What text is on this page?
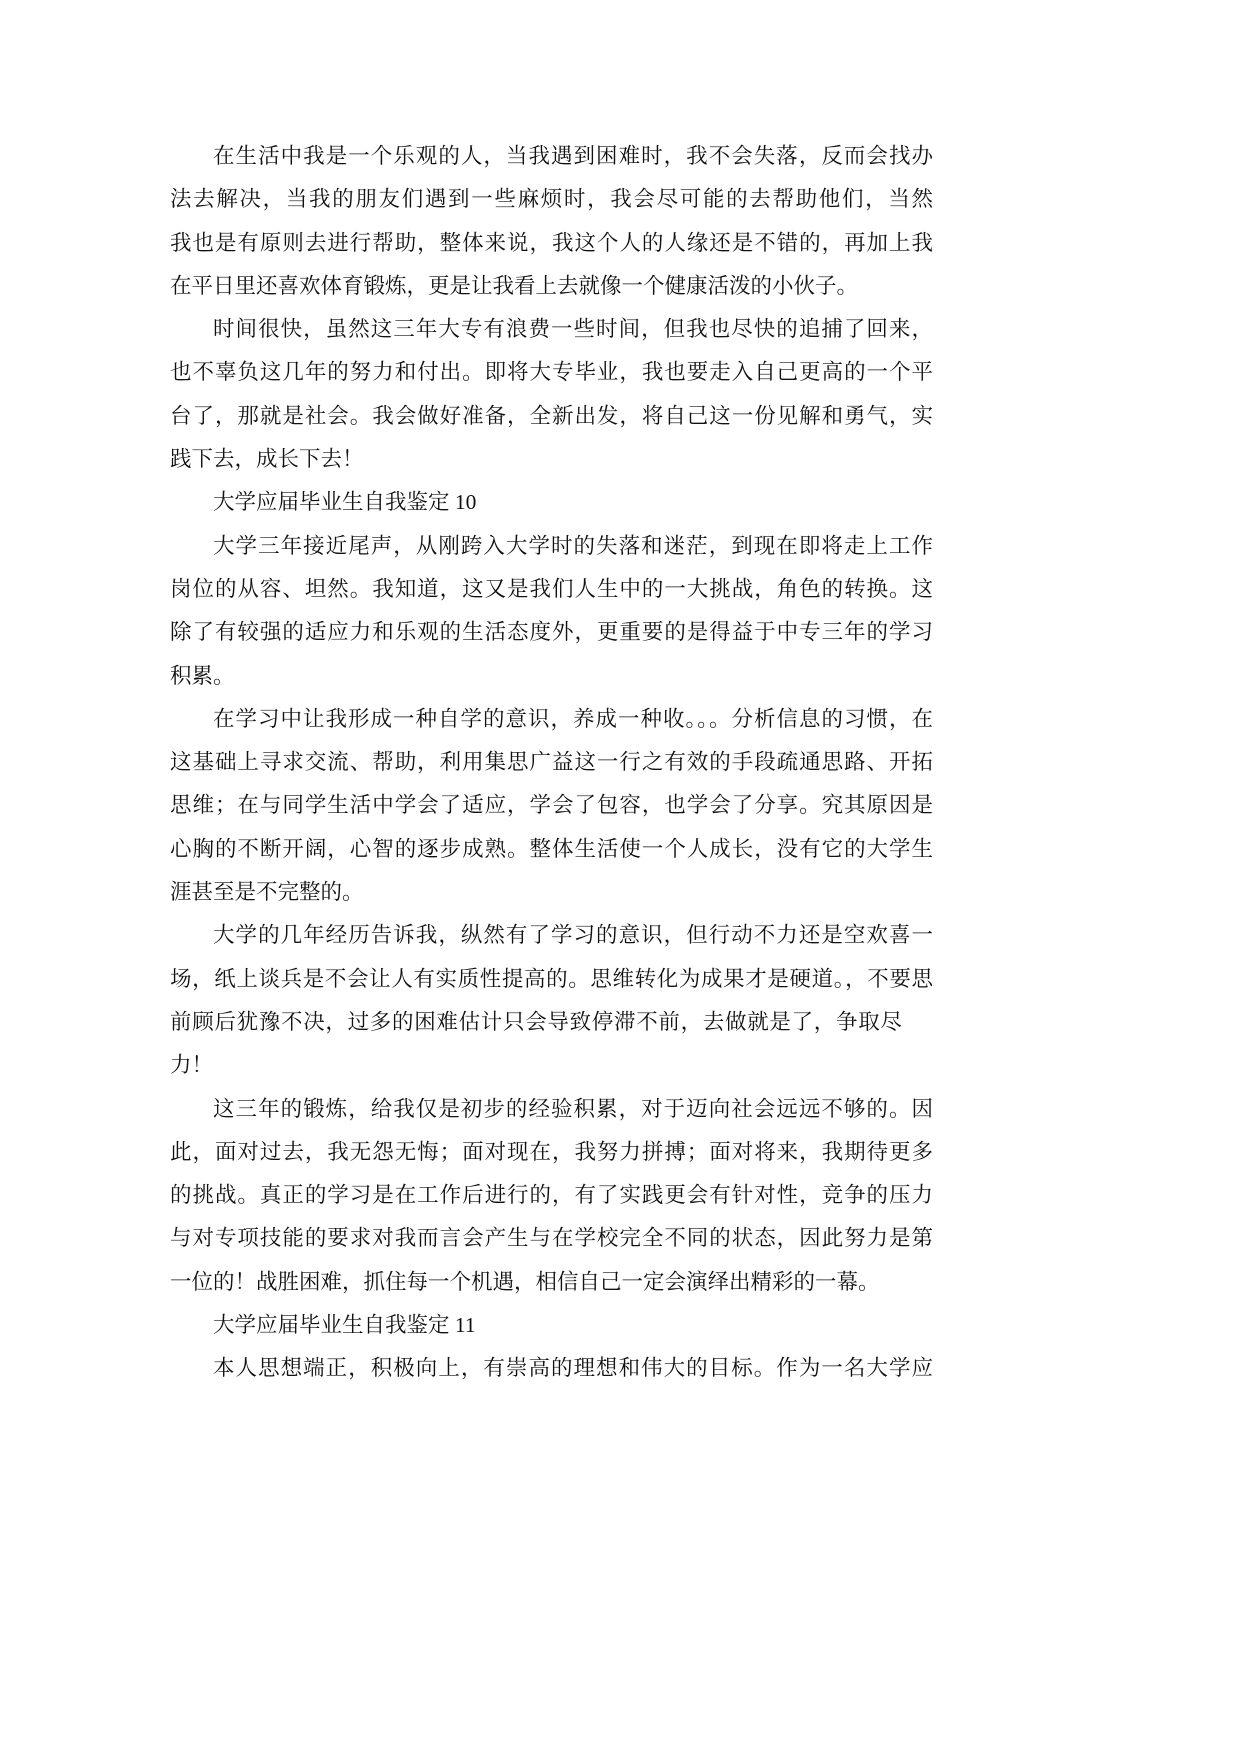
在生活中我是一个乐观的人，当我遇到困难时，我不会失落，反而会找办
法去解决，当我的朋友们遇到一些麻烦时，我会尽可能的去帮助他们，当然
我也是有原则去进行帮助，整体来说，我这个人的人缘还是不错的，再加上我
在平日里还喜欢体育锻炼，更是让我看上去就像一个健康活泼的小伙子。
时间很快，虽然这三年大专有浪费一些时间，但我也尽快的追捕了回来，
也不辜负这几年的努力和付出。即将大专毕业，我也要走入自己更高的一个平
台了，那就是社会。我会做好准备，全新出发，将自己这一份见解和勇气，实
践下去，成长下去！
大学应届毕业生自我鉴定 10
大学三年接近尾声，从刚跨入大学时的失落和迷茫，到现在即将走上工作
岗位的从容、坦然。我知道，这又是我们人生中的一大挑战，角色的转换。这
除了有较强的适应力和乐观的生活态度外，更重要的是得益于中专三年的学习
积累。
在学习中让我形成一种自学的意识，养成一种收。。。分析信息的习惯，在
这基础上寻求交流、帮助，利用集思广益这一行之有效的手段疏通思路、开拓
思维；在与同学生活中学会了适应，学会了包容，也学会了分享。究其原因是
心胸的不断开阔，心智的逐步成熟。整体生活使一个人成长，没有它的大学生
涯甚至是不完整的。
大学的几年经历告诉我，纵然有了学习的意识，但行动不力还是空欢喜一
场，纸上谈兵是不会让人有实质性提高的。思维转化为成果才是硬道。，不要思
前顾后犹豫不决，过多的困难估计只会导致停滞不前，去做就是了，争取尽
力！
这三年的锻炼，给我仅是初步的经验积累，对于迈向社会远远不够的。因
此，面对过去，我无怨无悔；面对现在，我努力拼搏；面对将来，我期待更多
的挑战。真正的学习是在工作后进行的，有了实践更会有针对性，竞争的压力
与对专项技能的要求对我而言会产生与在学校完全不同的状态，因此努力是第
一位的！战胜困难，抓住每一个机遇，相信自己一定会演绎出精彩的一幕。
大学应届毕业生自我鉴定 11
本人思想端正，积极向上，有崇高的理想和伟大的目标。作为一名大学应
